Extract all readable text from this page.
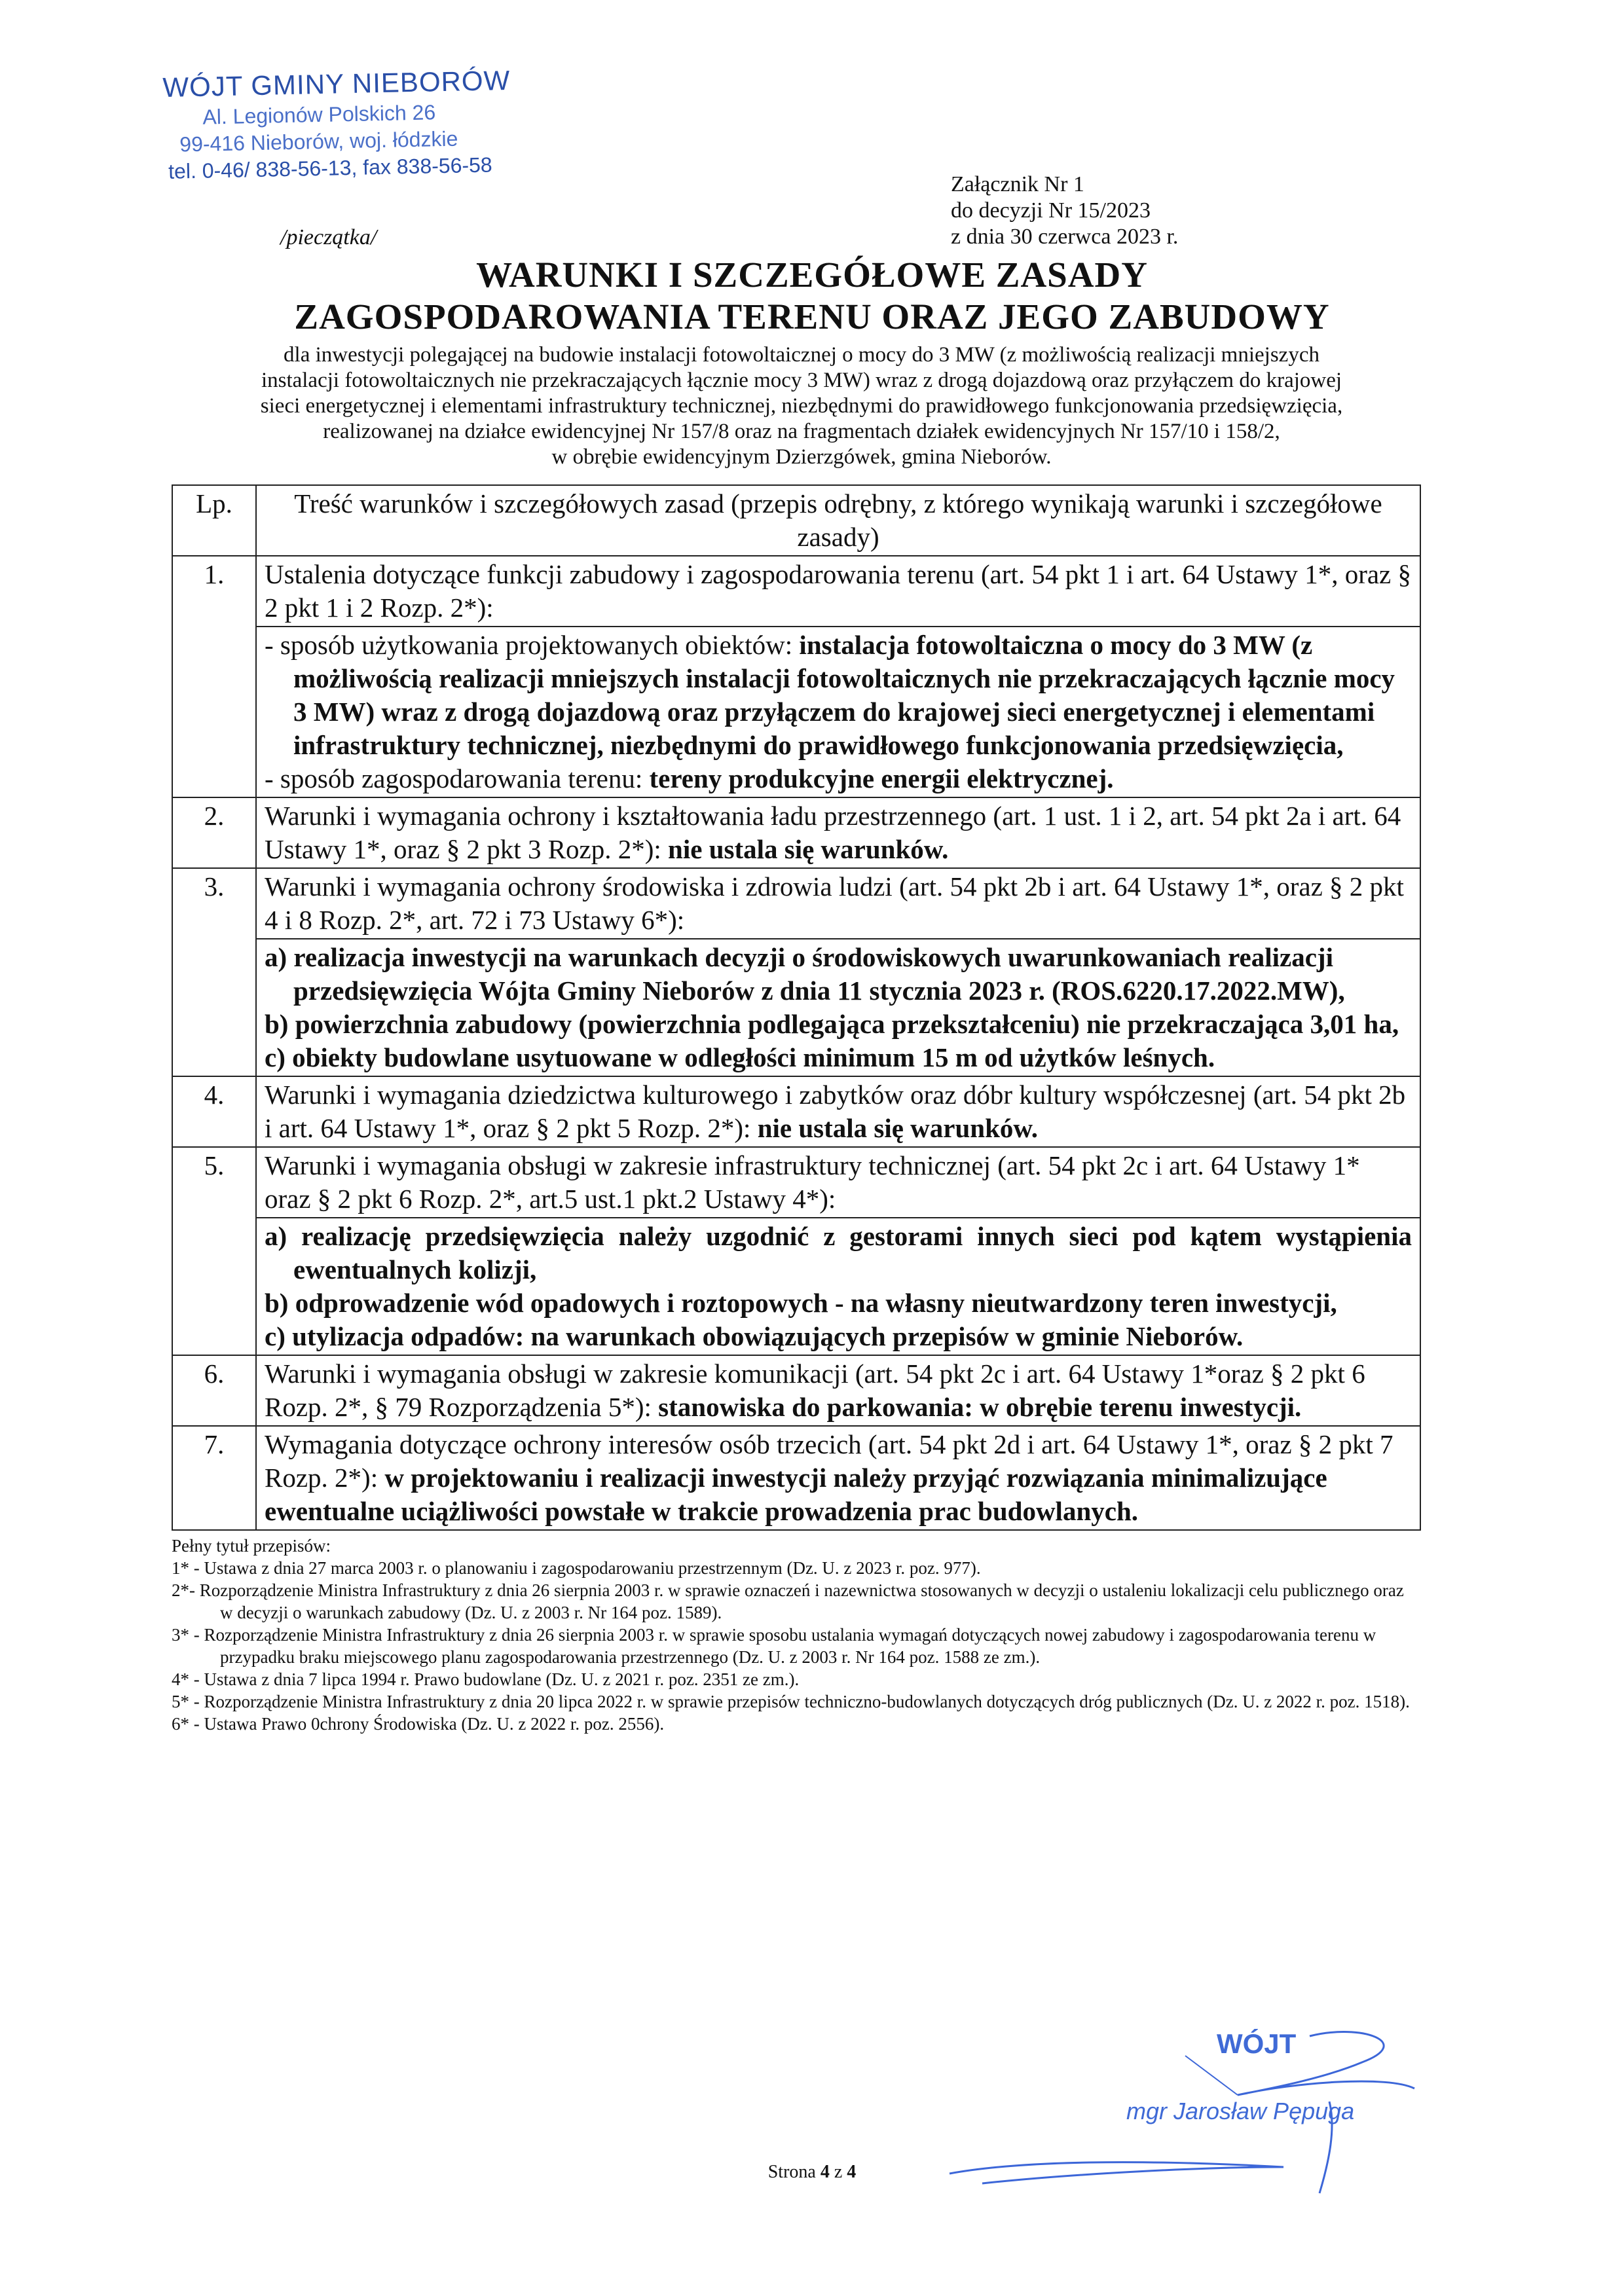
WÓJT GMINY NIEBORÓW
Al. Legionów Polskich 26
99-416 Nieborów, woj. łódzkie
tel. 0-46/ 838-56-13, fax 838-56-58
Załącznik Nr 1
do decyzji Nr 15/2023
z dnia 30 czerwca 2023 r.
/pieczątka/
WARUNKI I SZCZEGÓŁOWE ZASADY
ZAGOSPODAROWANIA TERENU ORAZ JEGO ZABUDOWY
dla inwestycji polegającej na budowie instalacji fotowoltaicznej o mocy do 3 MW (z możliwością realizacji mniejszych
instalacji fotowoltaicznych nie przekraczających łącznie mocy 3 MW) wraz z drogą dojazdową oraz przyłączem do krajowej
sieci energetycznej i elementami infrastruktury technicznej, niezbędnymi do prawidłowego funkcjonowania przedsięwzięcia,
realizowanej na działce ewidencyjnej Nr 157/8 oraz na fragmentach działek ewidencyjnych Nr 157/10 i 158/2,
w obrębie ewidencyjnym Dzierzgówek, gmina Nieborów.
Lp.	Treść warunków i szczegółowych zasad (przepis odrębny, z którego wynikają warunki i szczegółowe zasady)
1.	Ustalenia dotyczące funkcji zabudowy i zagospodarowania terenu (art. 54 pkt 1 i art. 64 Ustawy 1*, oraz § 2 pkt 1 i 2 Rozp. 2*):

	- sposób użytkowania projektowanych obiektów: instalacja fotowoltaiczna o mocy do 3 MW (z możliwością realizacji mniejszych instalacji fotowoltaicznych nie przekraczających łącznie mocy 3 MW) wraz z drogą dojazdową oraz przyłączem do krajowej sieci energetycznej i elementami infrastruktury technicznej, niezbędnymi do prawidłowego funkcjonowania przedsięwzięcia,
- sposób zagospodarowania terenu: tereny produkcyjne energii elektrycznej.

2.	Warunki i wymagania ochrony i kształtowania ładu przestrzennego (art. 1 ust. 1 i 2, art. 54 pkt 2a i art. 64 Ustawy 1*, oraz § 2 pkt 3 Rozp. 2*): nie ustala się warunków.
3.	Warunki i wymagania ochrony środowiska i zdrowia ludzi (art. 54 pkt 2b i art. 64 Ustawy 1*, oraz § 2 pkt 4 i 8 Rozp. 2*, art. 72 i 73 Ustawy 6*):

	a) realizacja inwestycji na warunkach decyzji o środowiskowych uwarunkowaniach realizacji przedsięwzięcia Wójta Gminy Nieborów z dnia 11 stycznia 2023 r. (ROS.6220.17.2022.MW),
b) powierzchnia zabudowy (powierzchnia podlegająca przekształceniu) nie przekraczająca 3,01 ha,
c) obiekty budowlane usytuowane w odległości minimum 15 m od użytków leśnych.

4.	Warunki i wymagania dziedzictwa kulturowego i zabytków oraz dóbr kultury współczesnej (art. 54 pkt 2b i art. 64 Ustawy 1*, oraz § 2 pkt 5 Rozp. 2*): nie ustala się warunków.
5.	Warunki i wymagania obsługi w zakresie infrastruktury technicznej (art. 54 pkt 2c i art. 64 Ustawy 1* oraz § 2 pkt 6 Rozp. 2*, art.5 ust.1 pkt.2 Ustawy 4*):

	a) realizację przedsięwzięcia należy uzgodnić z gestorami innych sieci pod kątem wystąpienia ewentualnych kolizji,
b) odprowadzenie wód opadowych i roztopowych - na własny nieutwardzony teren inwestycji,
c) utylizacja odpadów: na warunkach obowiązujących przepisów w gminie Nieborów.

6.	Warunki i wymagania obsługi w zakresie komunikacji (art. 54 pkt 2c i art. 64 Ustawy 1*oraz § 2 pkt 6 Rozp. 2*, § 79 Rozporządzenia 5*): stanowiska do parkowania: w obrębie terenu inwestycji.
7.	Wymagania dotyczące ochrony interesów osób trzecich (art. 54 pkt 2d i art. 64 Ustawy 1*, oraz § 2 pkt 7 Rozp. 2*): w projektowaniu i realizacji inwestycji należy przyjąć rozwiązania minimalizujące ewentualne uciążliwości powstałe w trakcie prowadzenia prac budowlanych.
Pełny tytuł przepisów:
1* - Ustawa z dnia 27 marca 2003 r. o planowaniu i zagospodarowaniu przestrzennym (Dz. U. z 2023 r. poz. 977).
2*- Rozporządzenie Ministra Infrastruktury z dnia 26 sierpnia 2003 r. w sprawie oznaczeń i nazewnictwa stosowanych w decyzji o ustaleniu lokalizacji celu publicznego oraz w decyzji o warunkach zabudowy (Dz. U. z 2003 r. Nr 164 poz. 1589).
3* - Rozporządzenie Ministra Infrastruktury z dnia 26 sierpnia 2003 r. w sprawie sposobu ustalania wymagań dotyczących nowej zabudowy i zagospodarowania terenu w przypadku braku miejscowego planu zagospodarowania przestrzennego (Dz. U. z 2003 r. Nr 164 poz. 1588 ze zm.).
4* - Ustawa z dnia 7 lipca 1994 r. Prawo budowlane (Dz. U. z 2021 r. poz. 2351 ze zm.).
5* - Rozporządzenie Ministra Infrastruktury z dnia 20 lipca 2022 r. w sprawie przepisów techniczno-budowlanych dotyczących dróg publicznych (Dz. U. z 2022 r. poz. 1518).
6* - Ustawa Prawo 0chrony Środowiska (Dz. U. z 2022 r. poz. 2556).
WÓJT
mgr Jarosław Pępuga
Strona 4 z 4
